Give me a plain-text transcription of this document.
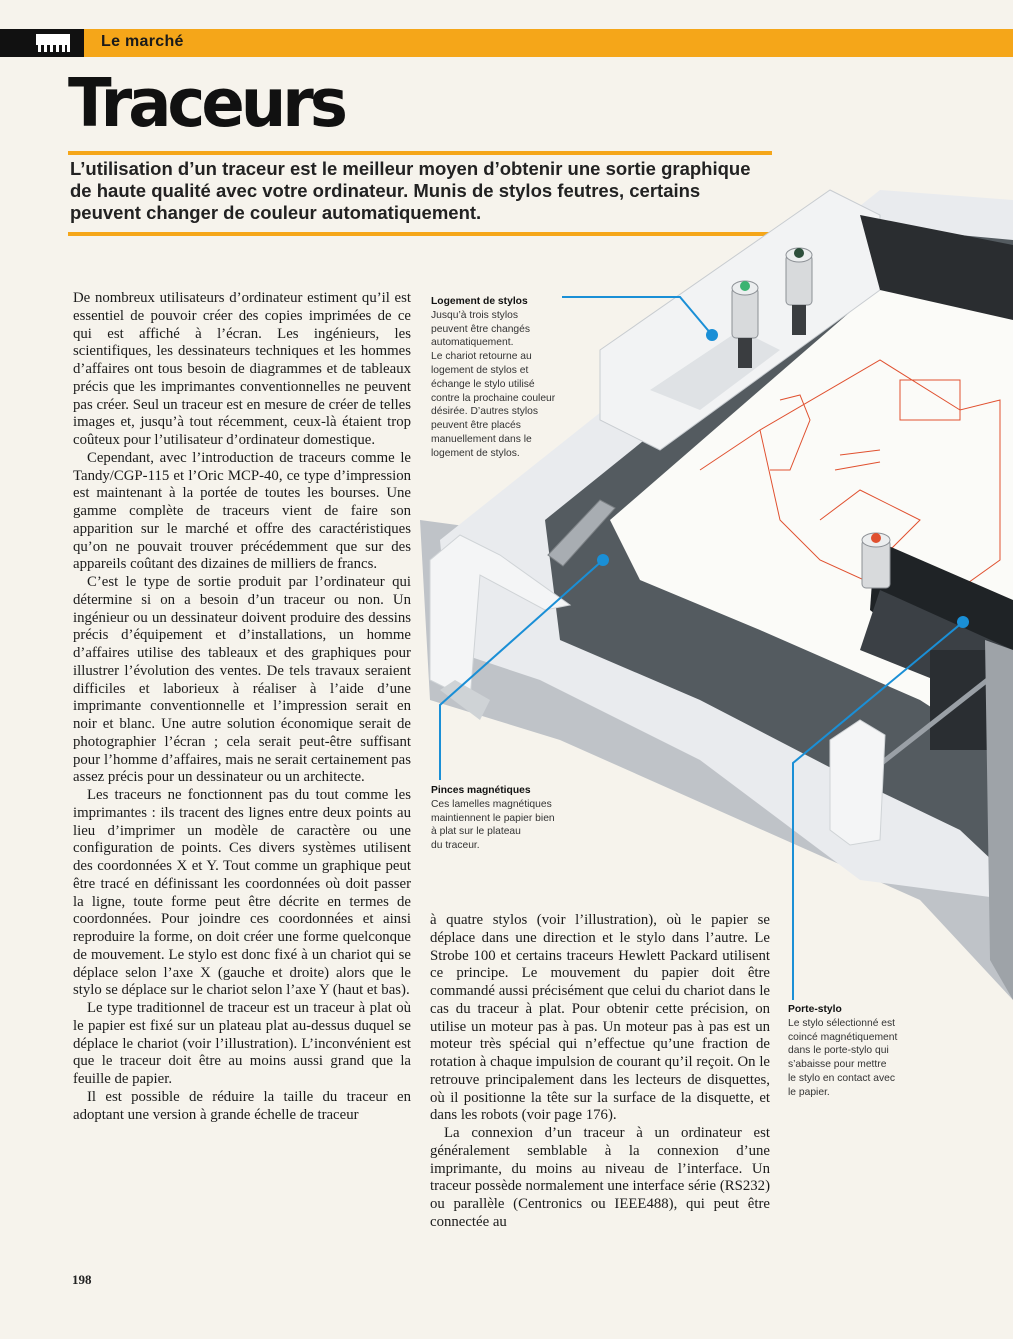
Le marché
Traceurs

L’utilisation d’un traceur est le meilleur moyen d’obtenir une sortie graphique de haute qualité avec votre ordinateur. Munis de stylos feutres, certains peuvent changer de couleur automatiquement.

Logement de stylos
Jusqu’à trois stylos
peuvent être changés
automatiquement.
Le chariot retourne au
logement de stylos et
échange le stylo utilisé
contre la prochaine couleur
désirée. D’autres stylos
peuvent être placés
manuellement dans le
logement de stylos.
Pinces magnétiques
Ces lamelles magnétiques
maintiennent le papier bien
à plat sur le plateau
du traceur.
Porte-stylo
Le stylo sélectionné est
coincé magnétiquement
dans le porte-stylo qui
s’abaisse pour mettre
le stylo en contact avec
le papier.

De nombreux utilisateurs d’ordinateur estiment qu’il est essentiel de pouvoir créer des copies imprimées de ce qui est affiché à l’écran. Les ingénieurs, les scientifiques, les dessinateurs techniques et les hommes d’affaires ont tous besoin de diagrammes et de tableaux précis que les imprimantes conventionnelles ne peuvent pas créer. Seul un traceur est en mesure de créer de telles images et, jusqu’à tout récemment, ceux-là étaient trop coûteux pour l’utilisateur d’ordinateur domestique.

Cependant, avec l’introduction de traceurs comme le Tandy/CGP-115 et l’Oric MCP-40, ce type d’impression est maintenant à la portée de toutes les bourses. Une gamme complète de traceurs vient de faire son apparition sur le marché et offre des caractéristiques qu’on ne pouvait trouver précédemment que sur des appareils coûtant des dizaines de milliers de francs.

C’est le type de sortie produit par l’ordinateur qui détermine si on a besoin d’un traceur ou non. Un ingénieur ou un dessinateur doivent produire des dessins précis d’équipement et d’installations, un homme d’affaires utilise des tableaux et des graphiques pour illustrer l’évolution des ventes. De tels travaux seraient difficiles et laborieux à réaliser à l’aide d’une imprimante conventionnelle et l’impression serait en noir et blanc. Une autre solution économique serait de photographier l’écran ; cela serait peut-être suffisant pour l’homme d’affaires, mais ne serait certainement pas assez précis pour un dessinateur ou un architecte.

Les traceurs ne fonctionnent pas du tout comme les imprimantes : ils tracent des lignes entre deux points au lieu d’imprimer un modèle de caractère ou une configuration de points. Ces divers systèmes utilisent des coordonnées X et Y. Tout comme un graphique peut être tracé en définissant les coordonnées où doit passer la ligne, toute forme peut être décrite en termes de coordonnées. Pour joindre ces coordonnées et ainsi reproduire la forme, on doit créer une forme quelconque de mouvement. Le stylo est donc fixé à un chariot qui se déplace selon l’axe X (gauche et droite) alors que le stylo se déplace sur le chariot selon l’axe Y (haut et bas).

Le type traditionnel de traceur est un traceur à plat où le papier est fixé sur un plateau plat au-dessus duquel se déplace le chariot (voir l’illustration). L’inconvénient est que le traceur doit être au moins aussi grand que la feuille de papier.

Il est possible de réduire la taille du traceur en adoptant une version à grande échelle de traceur

à quatre stylos (voir l’illustration), où le papier se déplace dans une direction et le stylo dans l’autre. Le Strobe 100 et certains traceurs Hewlett Packard utilisent ce principe. Le mouvement du papier doit être commandé aussi précisément que celui du chariot dans le cas du traceur à plat. Pour obtenir cette précision, on utilise un moteur pas à pas. Un moteur pas à pas est un moteur très spécial qui n’effectue qu’une fraction de rotation à chaque impulsion de courant qu’il reçoit. On le retrouve principalement dans les lecteurs de disquettes, où il positionne la tête sur la surface de la disquette, et dans les robots (voir page 176).

La connexion d’un traceur à un ordinateur est généralement semblable à la connexion d’une imprimante, du moins au niveau de l’interface. Un traceur possède normalement une interface série (RS232) ou parallèle (Centronics ou IEEE488), qui peut être connectée au

198
